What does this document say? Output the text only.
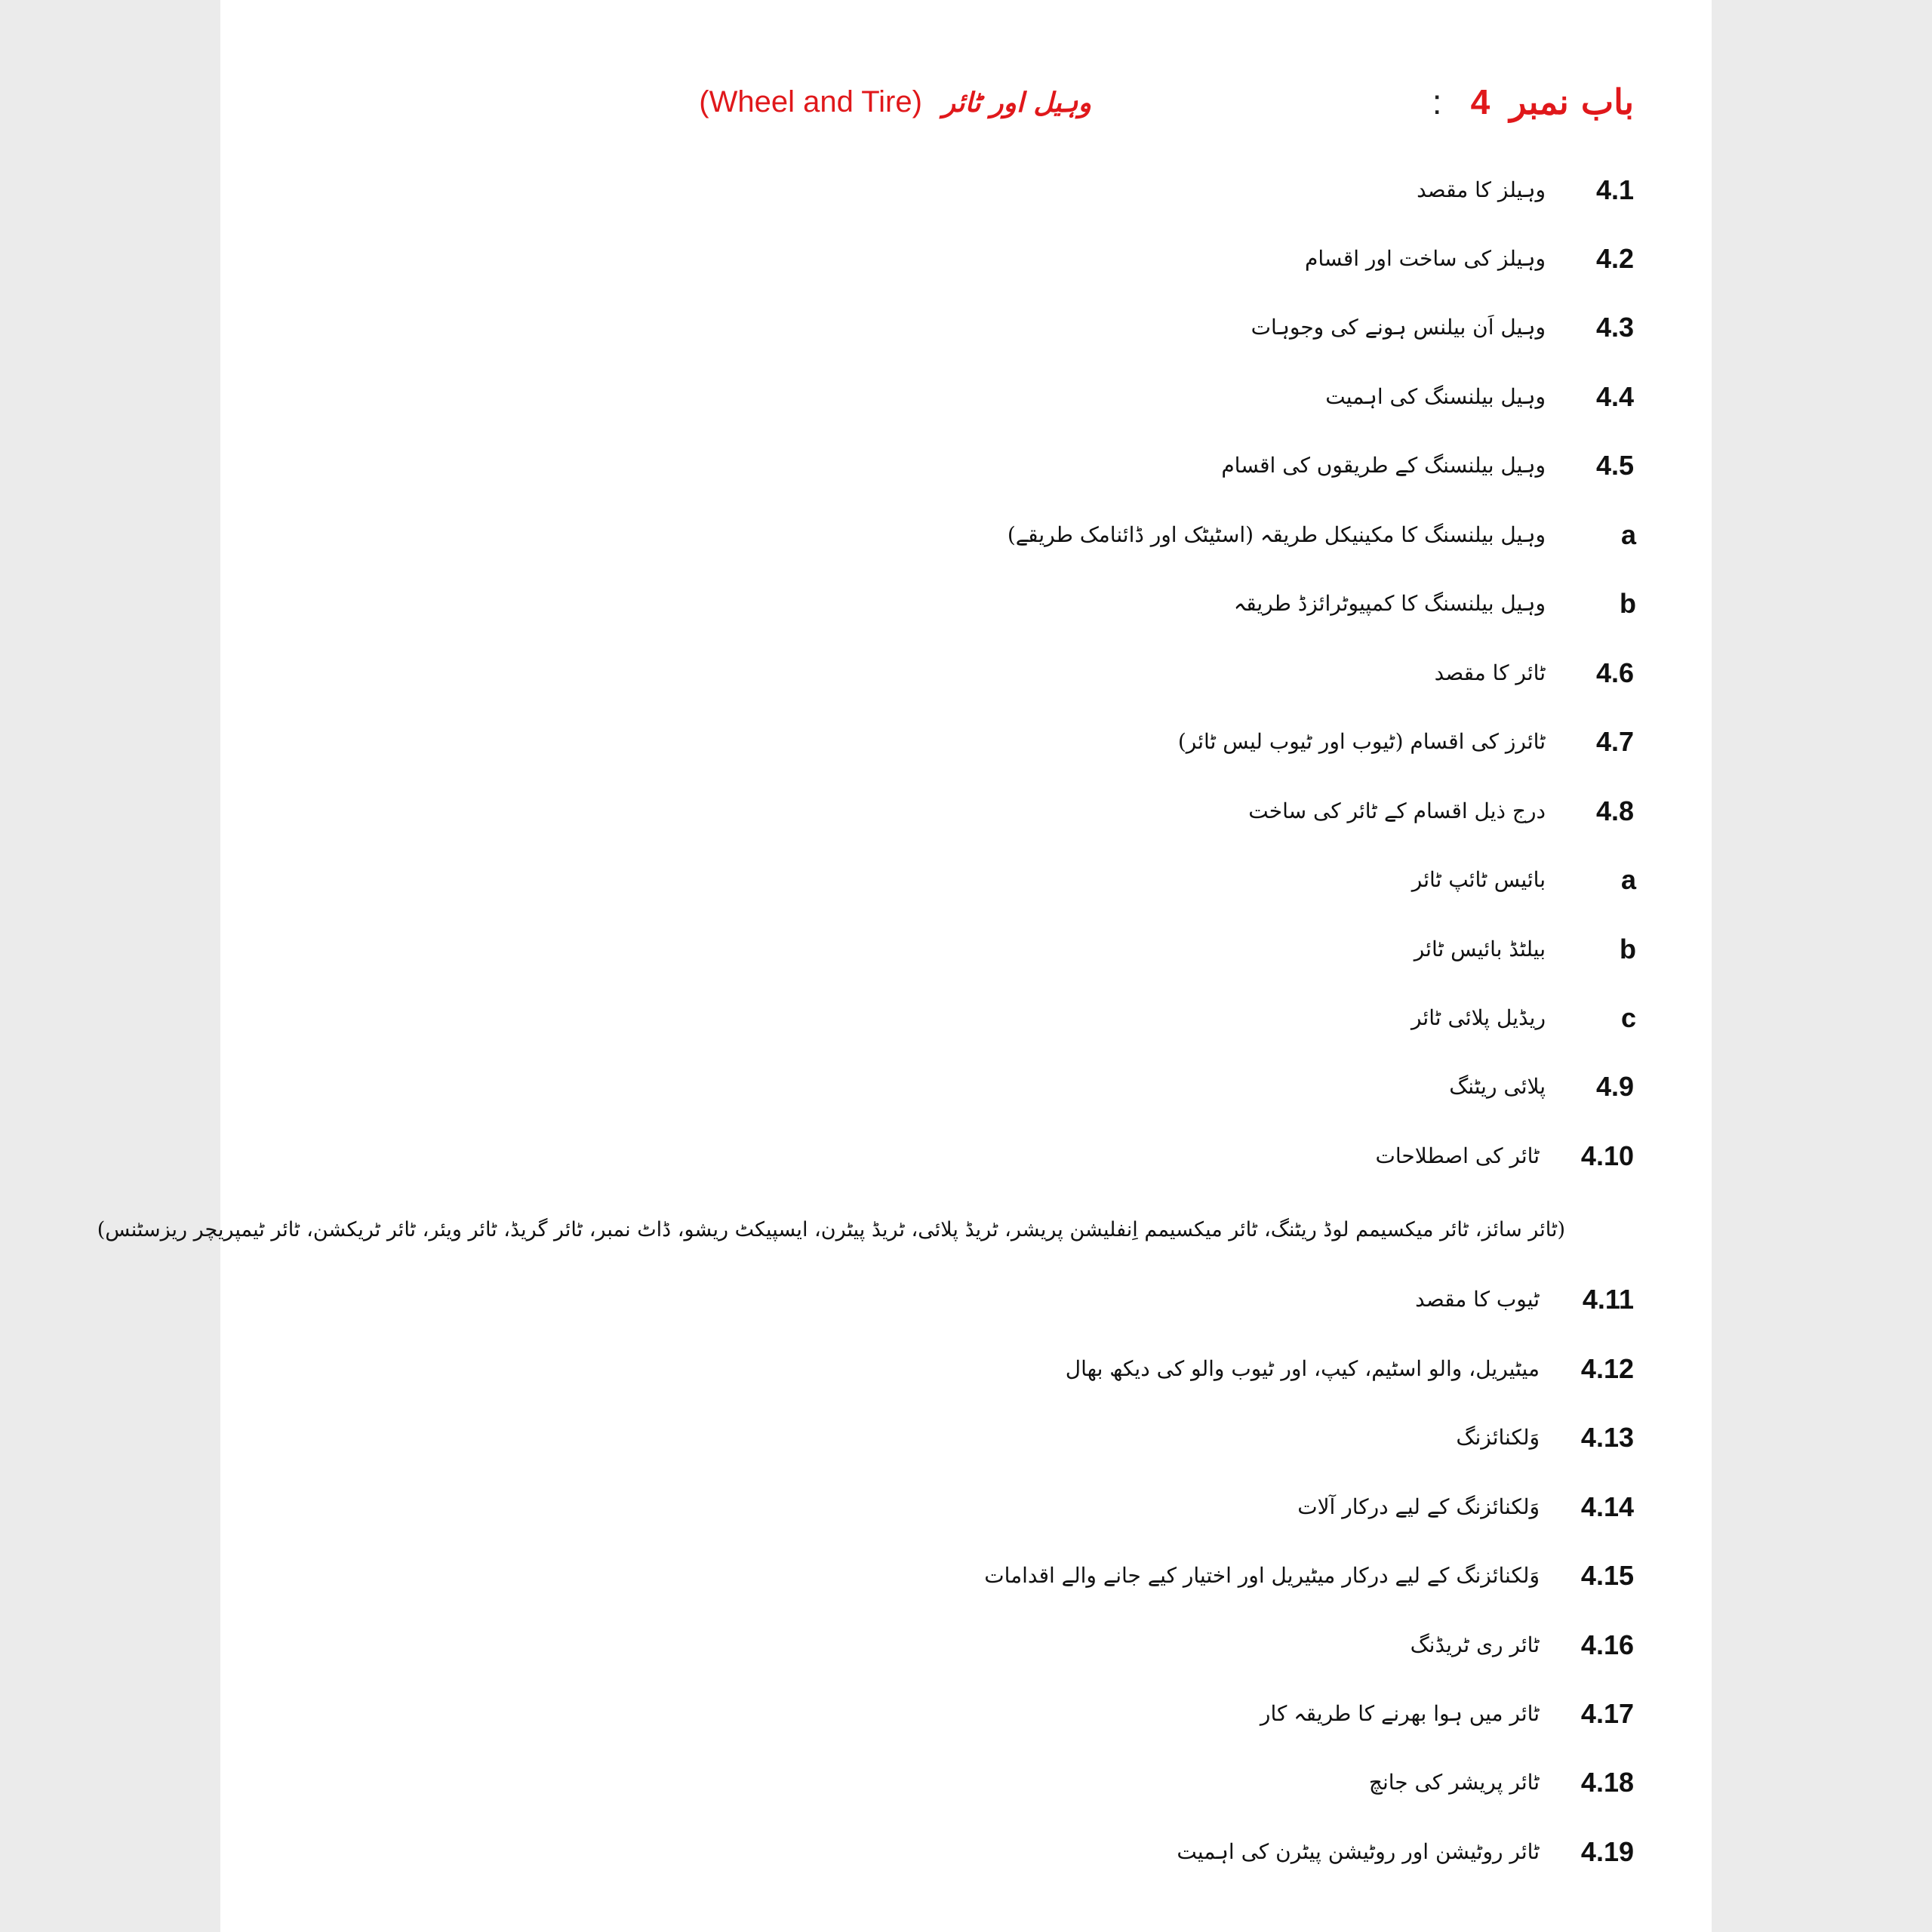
باب نمبر 4 :
وہیل اور ٹائر (Wheel and Tire)
4.1
وہیلز کا مقصد
4.2
وہیلز کی ساخت اور اقسام
4.3
وہیل اَن بیلنس ہونے کی وجوہات
4.4
وہیل بیلنسنگ کی اہمیت
4.5
وہیل بیلنسنگ کے طریقوں کی اقسام
a
وہیل بیلنسنگ کا مکینیکل طریقہ (اسٹیٹک اور ڈائنامک طریقے)
b
وہیل بیلنسنگ کا کمپیوٹرائزڈ طریقہ
4.6
ٹائر کا مقصد
4.7
ٹائرز کی اقسام (ٹیوب اور ٹیوب لیس ٹائر)
4.8
درج ذیل اقسام کے ٹائر کی ساخت
a
بائیس ٹائپ ٹائر
b
بیلٹڈ بائیس ٹائر
c
ریڈیل پلائی ٹائر
4.9
پلائی ریٹنگ
4.10
ٹائر کی اصطلاحات
(ٹائر سائز، ٹائر میکسیمم لوڈ ریٹنگ، ٹائر میکسیمم اِنفلیشن پریشر، ٹریڈ پلائی، ٹریڈ پیٹرن، ایسپیکٹ ریشو، ڈاٹ نمبر، ٹائر گریڈ، ٹائر ویئر، ٹائر ٹریکشن، ٹائر ٹیمپریچر ریزسٹنس)
4.11
ٹیوب کا مقصد
4.12
میٹیریل، والو اسٹیم، کیپ، اور ٹیوب والو کی دیکھ بھال
4.13
وَلکنائزنگ
4.14
وَلکنائزنگ کے لیے درکار آلات
4.15
وَلکنائزنگ کے لیے درکار میٹیریل اور اختیار کیے جانے والے اقدامات
4.16
ٹائر ری ٹریڈنگ
4.17
ٹائر میں ہوا بھرنے کا طریقہ کار
4.18
ٹائر پریشر کی جانچ
4.19
ٹائر روٹیشن اور روٹیشن پیٹرن کی اہمیت
